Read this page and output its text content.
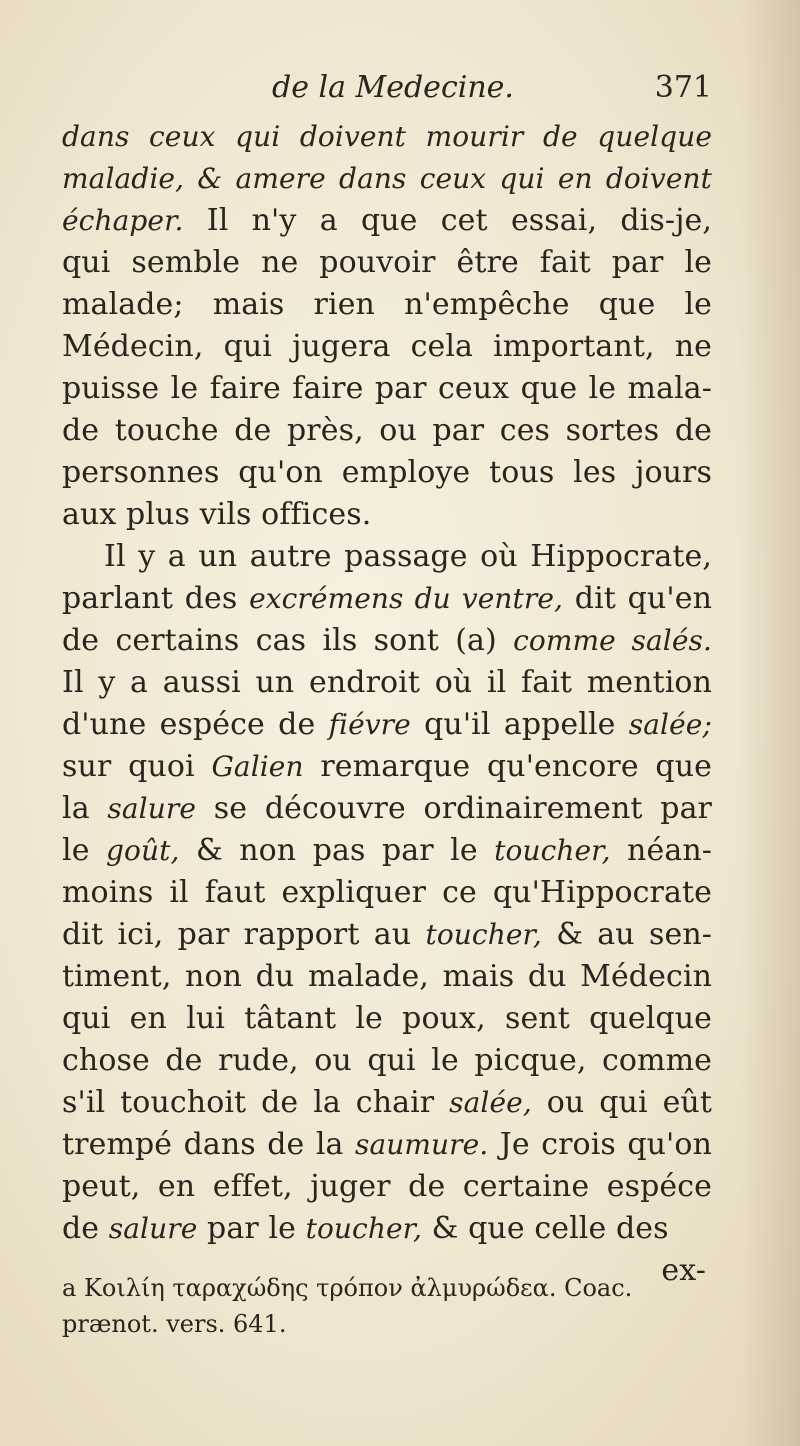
de la Medecine.	371
dans ceux qui doivent mourir de quelque
maladie, & amere dans ceux qui en doivent
échaper. Il n'y a que cet essai, dis-je,
qui semble ne pouvoir être fait par le
malade; mais rien n'empêche que le
Médecin, qui jugera cela important, ne
puisse le faire faire par ceux que le mala-
de touche de près, ou par ces sortes de
personnes qu'on employe tous les jours
aux plus vils offices.
Il y a un autre passage où Hippocrate,
parlant des excrémens du ventre, dit qu'en
de certains cas ils sont (a) comme salés.
Il y a aussi un endroit où il fait mention
d'une espéce de fiévre qu'il appelle salée;
sur quoi Galien remarque qu'encore que
la salure se découvre ordinairement par
le goût, & non pas par le toucher, néan-
moins il faut expliquer ce qu'Hippocrate
dit ici, par rapport au toucher, & au sen-
timent, non du malade, mais du Médecin
qui en lui tâtant le poux, sent quelque
chose de rude, ou qui le picque, comme
s'il touchoit de la chair salée, ou qui eût
trempé dans de la saumure. Je crois qu'on
peut, en effet, juger de certaine espéce
de salure par le toucher, & que celle des
ex-
a Κοιλίη ταραχώδης τρόπον ἀλμυρώδεα. Coac.
prænot. vers. 641.
